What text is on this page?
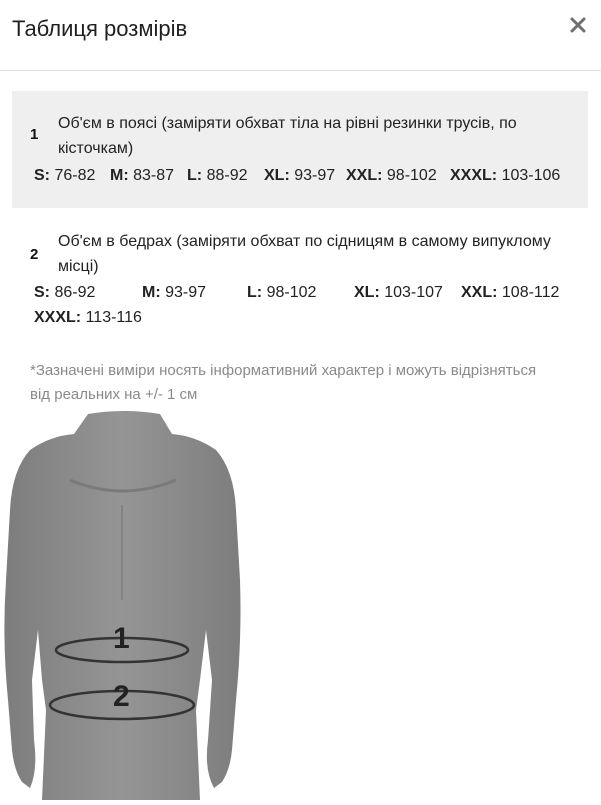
Таблиця розмірів
1
Об'єм в поясі (заміряти обхват тіла на рівні резинки трусів, по кісточкам)
S: 76-82 M: 83-87 L: 88-92 XL: 93-97 XXL: 98-102 XXXL: 103-106
2
Об'єм в бедрах (заміряти обхват по сідницям в самому випуклому місці)
S: 86-92	M: 93-97	L: 98-102 XL: 103-107 XXL: 108-112
XXXL: 113-116
*Зазначені виміри носять інформативний характер і можуть відрізняться від реальних на +/- 1 см
1
2
